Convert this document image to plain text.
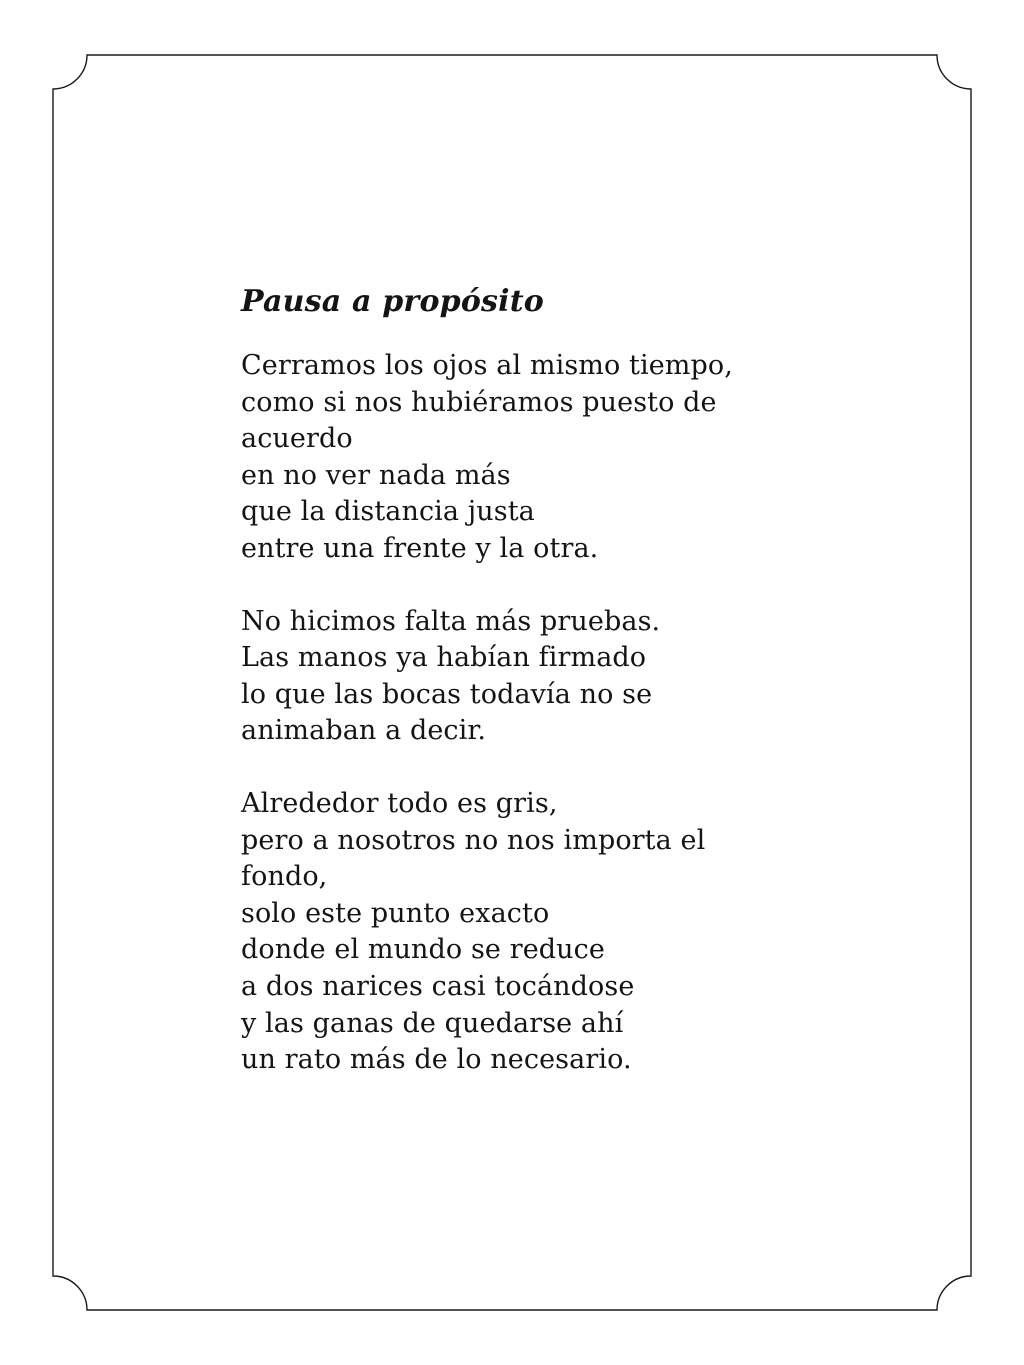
Pausa a propósito
Cerramos los ojos al mismo tiempo,
como si nos hubiéramos puesto de
acuerdo
en no ver nada más
que la distancia justa
entre una frente y la otra.
No hicimos falta más pruebas.
Las manos ya habían firmado
lo que las bocas todavía no se
animaban a decir.
Alrededor todo es gris,
pero a nosotros no nos importa el
fondo,
solo este punto exacto
donde el mundo se reduce
a dos narices casi tocándose
y las ganas de quedarse ahí
un rato más de lo necesario.
